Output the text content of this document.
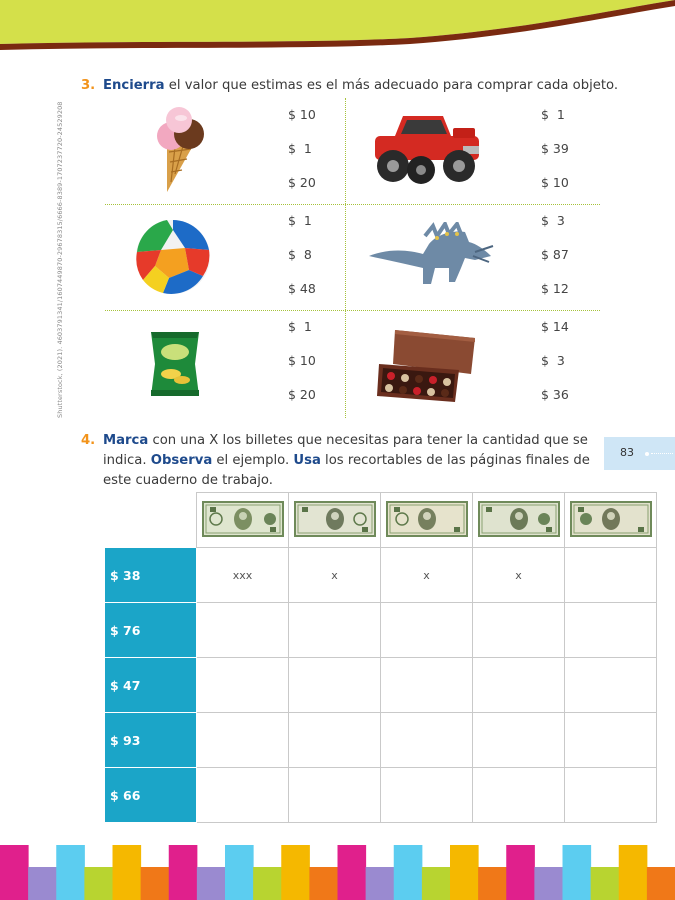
Shutterstock, (2021). 4603791341/1607449870-29678315/6666-8389-1707237720-24529208
3. Encierra el valor que estimas es el más adecuado para comprar cada objeto.
$ 10
$  1
$ 20
$  1
$ 39
$ 10
$  1
$  8
$ 48
$  3
$ 87
$ 12
$  1
$ 10
$ 20
$ 14
$  3
$ 36
83
4. Marca con una X los billetes que necesitas para tener la cantidad que se indica. Observa el ejemplo. Usa los recortables de las páginas finales de este cuaderno de trabajo.

$ 38	xxx	x	x	x	
$ 76					
$ 47					
$ 93					
$ 66					
